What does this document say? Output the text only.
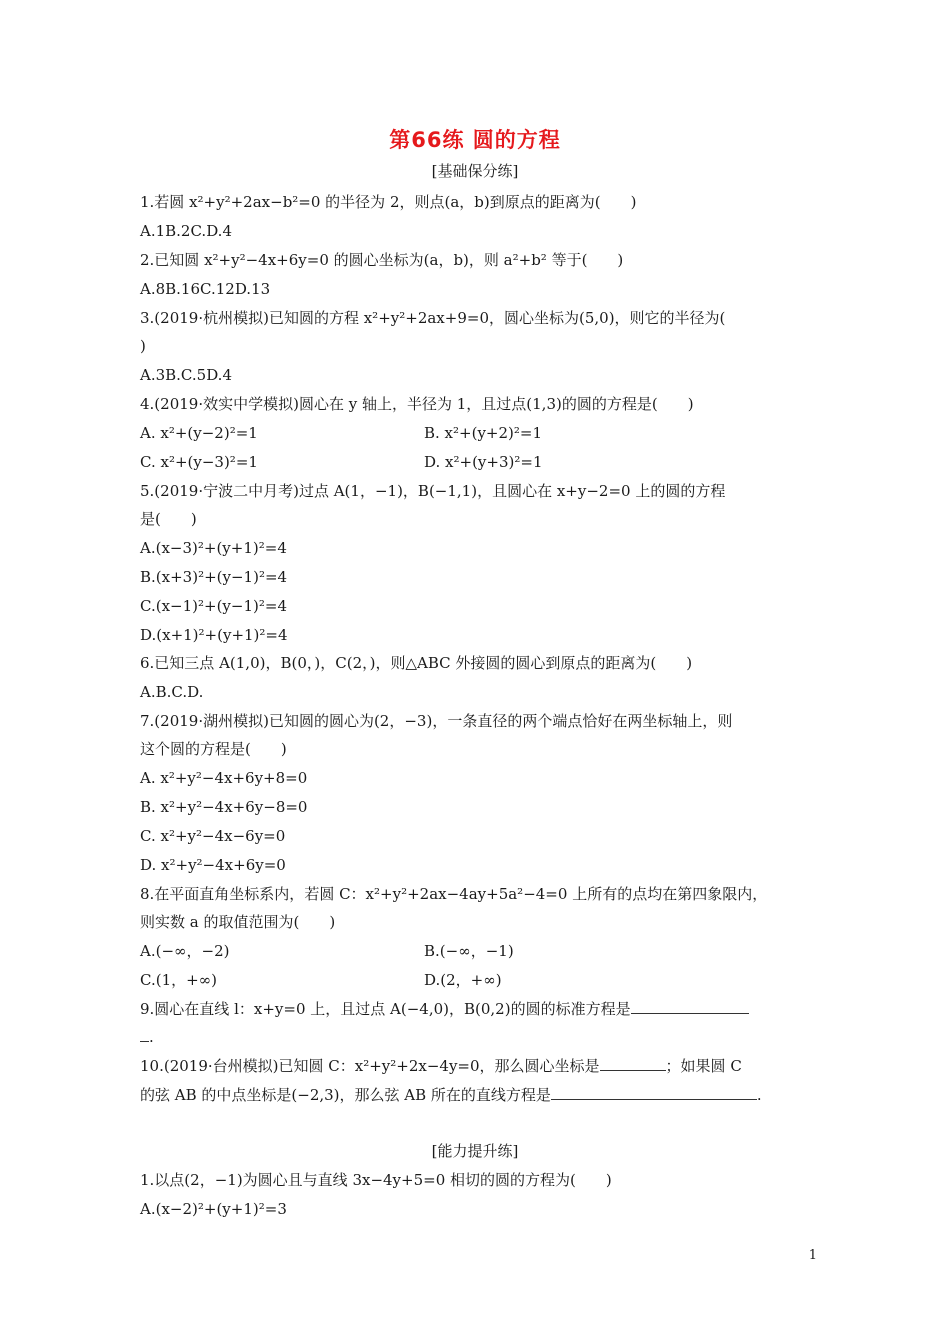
第66练 圆的方程
[基础保分练]
1.若圆 x²+y²+2ax−b²=0 的半径为 2，则点(a，b)到原点的距离为(　　)
A.1B.2C.D.4
2.已知圆 x²+y²−4x+6y=0 的圆心坐标为(a，b)，则 a²+b² 等于(　　)
A.8B.16C.12D.13
3.(2019·杭州模拟)已知圆的方程 x²+y²+2ax+9=0，圆心坐标为(5,0)，则它的半径为(
)
A.3B.C.5D.4
4.(2019·效实中学模拟)圆心在 y 轴上，半径为 1，且过点(1,3)的圆的方程是(　　)
A. x²+(y−2)²=1	B. x²+(y+2)²=1
C. x²+(y−3)²=1	D. x²+(y+3)²=1
5.(2019·宁波二中月考)过点 A(1，−1)，B(−1,1)，且圆心在 x+y−2=0 上的圆的方程
是(　　)
A.(x−3)²+(y+1)²=4
B.(x+3)²+(y−1)²=4
C.(x−1)²+(y−1)²=4
D.(x+1)²+(y+1)²=4
6.已知三点 A(1,0)，B(0，)，C(2，)，则△ABC 外接圆的圆心到原点的距离为(　　)
A.B.C.D.
7.(2019·湖州模拟)已知圆的圆心为(2，−3)，一条直径的两个端点恰好在两坐标轴上，则
这个圆的方程是(　　)
A. x²+y²−4x+6y+8=0
B. x²+y²−4x+6y−8=0
C. x²+y²−4x−6y=0
D. x²+y²−4x+6y=0
8.在平面直角坐标系内，若圆 C：x²+y²+2ax−4ay+5a²−4=0 上所有的点均在第四象限内，
则实数 a 的取值范围为(　　)
A.(−∞，−2)	B.(−∞，−1)
C.(1，+∞)	D.(2，+∞)
9.圆心在直线 l：x+y=0 上，且过点 A(−4,0)，B(0,2)的圆的标准方程是
.
10.(2019·台州模拟)已知圆 C：x²+y²+2x−4y=0，那么圆心坐标是	；如果圆 C
的弦 AB 的中点坐标是(−2,3)，那么弦 AB 所在的直线方程是	.
[能力提升练]
1.以点(2，−1)为圆心且与直线 3x−4y+5=0 相切的圆的方程为(　　)
A.(x−2)²+(y+1)²=3
1
